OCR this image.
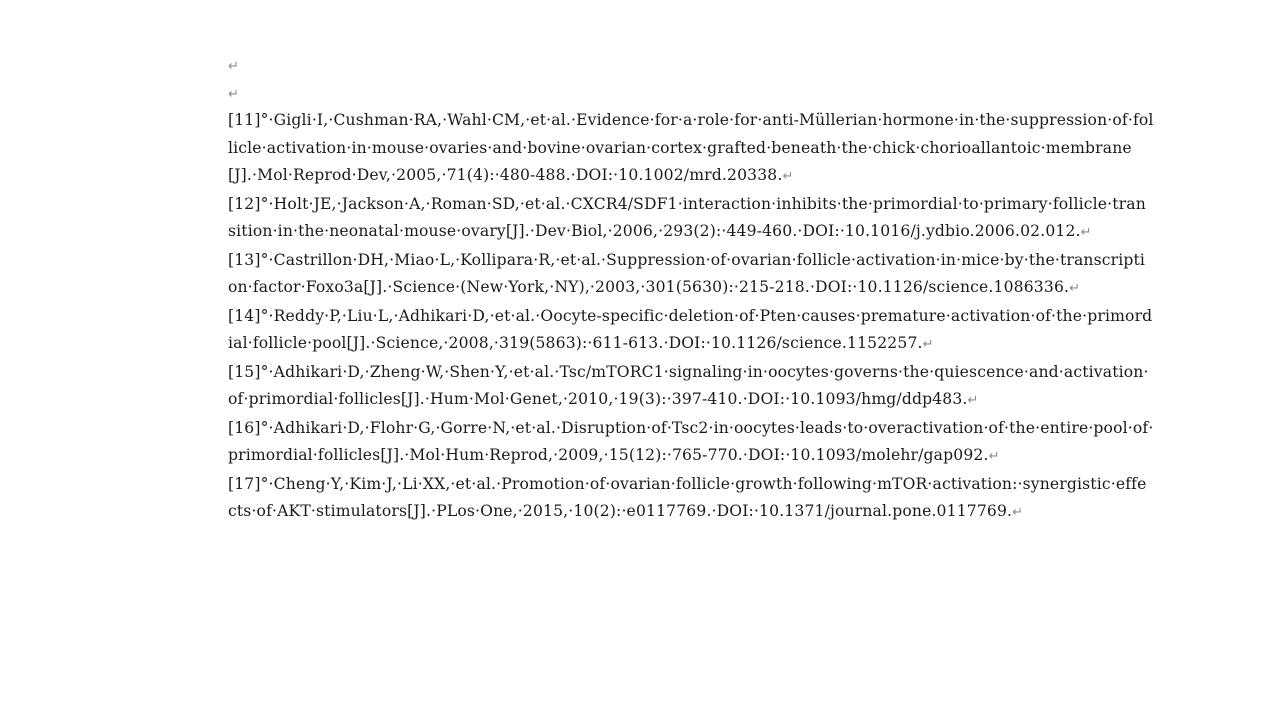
↵
↵
[11]°·Gigli·I,·Cushman·RA,·Wahl·CM,·et·al.·Evidence·for·a·role·for·anti-Müllerian·hormone·in·the·suppression·of·follicle·activation·in·mouse·ovaries·and·bovine·ovarian·cortex·grafted·beneath·the·chick·chorioallantoic·membrane[J].·Mol·Reprod·Dev,·2005,·71(4):·480-488.·DOI:·10.1002/mrd.20338.↵
[12]°·Holt·JE,·Jackson·A,·Roman·SD,·et·al.·CXCR4/SDF1·interaction·inhibits·the·primordial·to·primary·follicle·transition·in·the·neonatal·mouse·ovary[J].·Dev·Biol,·2006,·293(2):·449-460.·DOI:·10.1016/j.ydbio.2006.02.012.↵
[13]°·Castrillon·DH,·Miao·L,·Kollipara·R,·et·al.·Suppression·of·ovarian·follicle·activation·in·mice·by·the·transcription·factor·Foxo3a[J].·Science·(New·York,·NY),·2003,·301(5630):·215-218.·DOI:·10.1126/science.1086336.↵
[14]°·Reddy·P,·Liu·L,·Adhikari·D,·et·al.·Oocyte-specific·deletion·of·Pten·causes·premature·activation·of·the·primordial·follicle·pool[J].·Science,·2008,·319(5863):·611-613.·DOI:·10.1126/science.1152257.↵
[15]°·Adhikari·D,·Zheng·W,·Shen·Y,·et·al.·Tsc/mTORC1·signaling·in·oocytes·governs·the·quiescence·and·activation·of·primordial·follicles[J].·Hum·Mol·Genet,·2010,·19(3):·397-410.·DOI:·10.1093/hmg/ddp483.↵
[16]°·Adhikari·D,·Flohr·G,·Gorre·N,·et·al.·Disruption·of·Tsc2·in·oocytes·leads·to·overactivation·of·the·entire·pool·of·primordial·follicles[J].·Mol·Hum·Reprod,·2009,·15(12):·765-770.·DOI:·10.1093/molehr/gap092.↵
[17]°·Cheng·Y,·Kim·J,·Li·XX,·et·al.·Promotion·of·ovarian·follicle·growth·following·mTOR·activation:·synergistic·effects·of·AKT·stimulators[J].·PLos·One,·2015,·10(2):·e0117769.·DOI:·10.1371/journal.pone.0117769.↵
